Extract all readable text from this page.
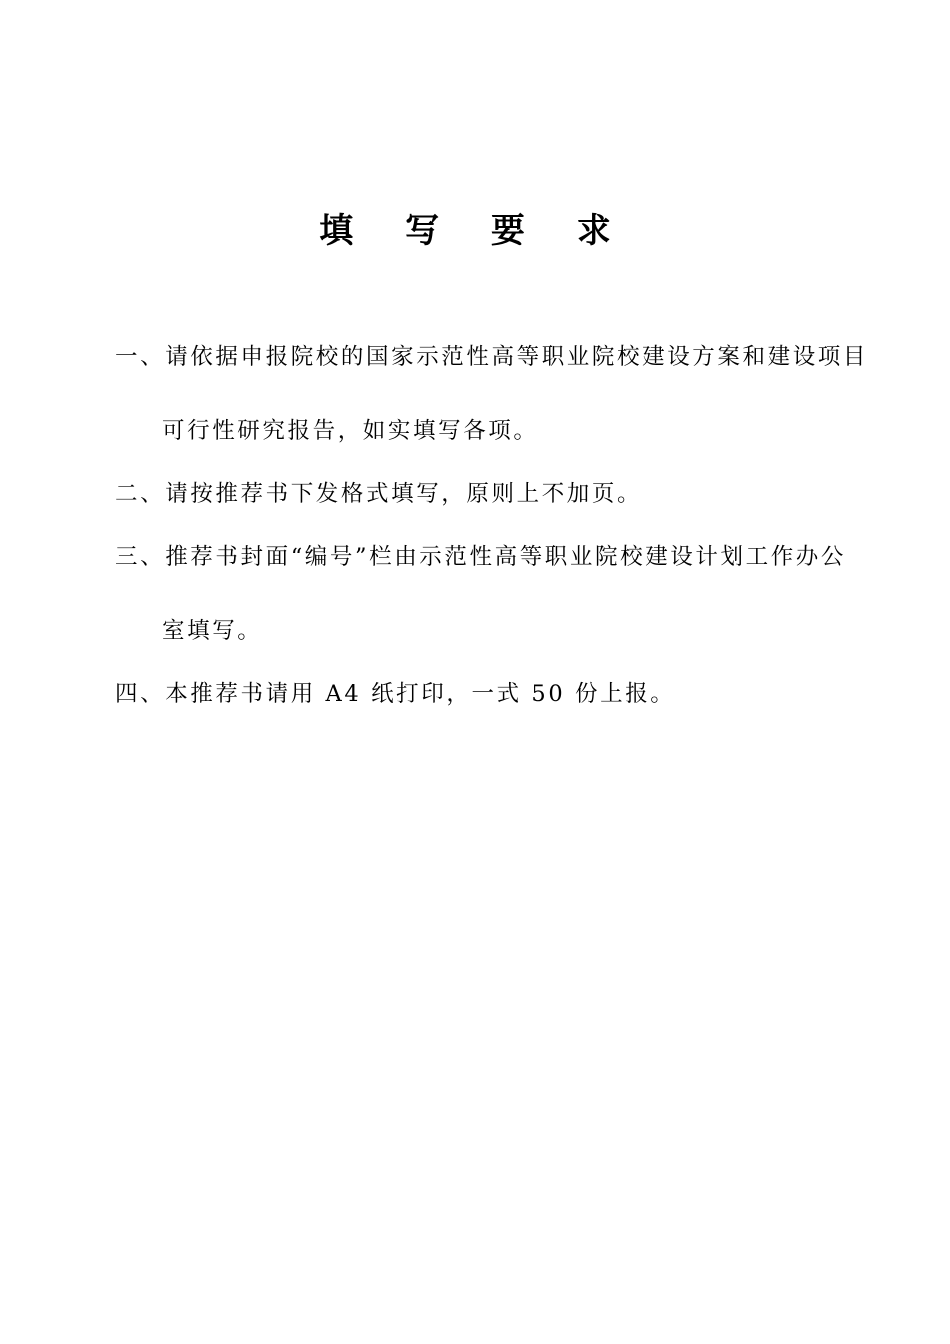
填 写 要 求
一、请依据申报院校的国家示范性高等职业院校建设方案和建设项目
可行性研究报告，如实填写各项。
二、请按推荐书下发格式填写，原则上不加页。
三、推荐书封面“编号”栏由示范性高等职业院校建设计划工作办公
室填写。
四、本推荐书请用 A4 纸打印，一式 50 份上报。
